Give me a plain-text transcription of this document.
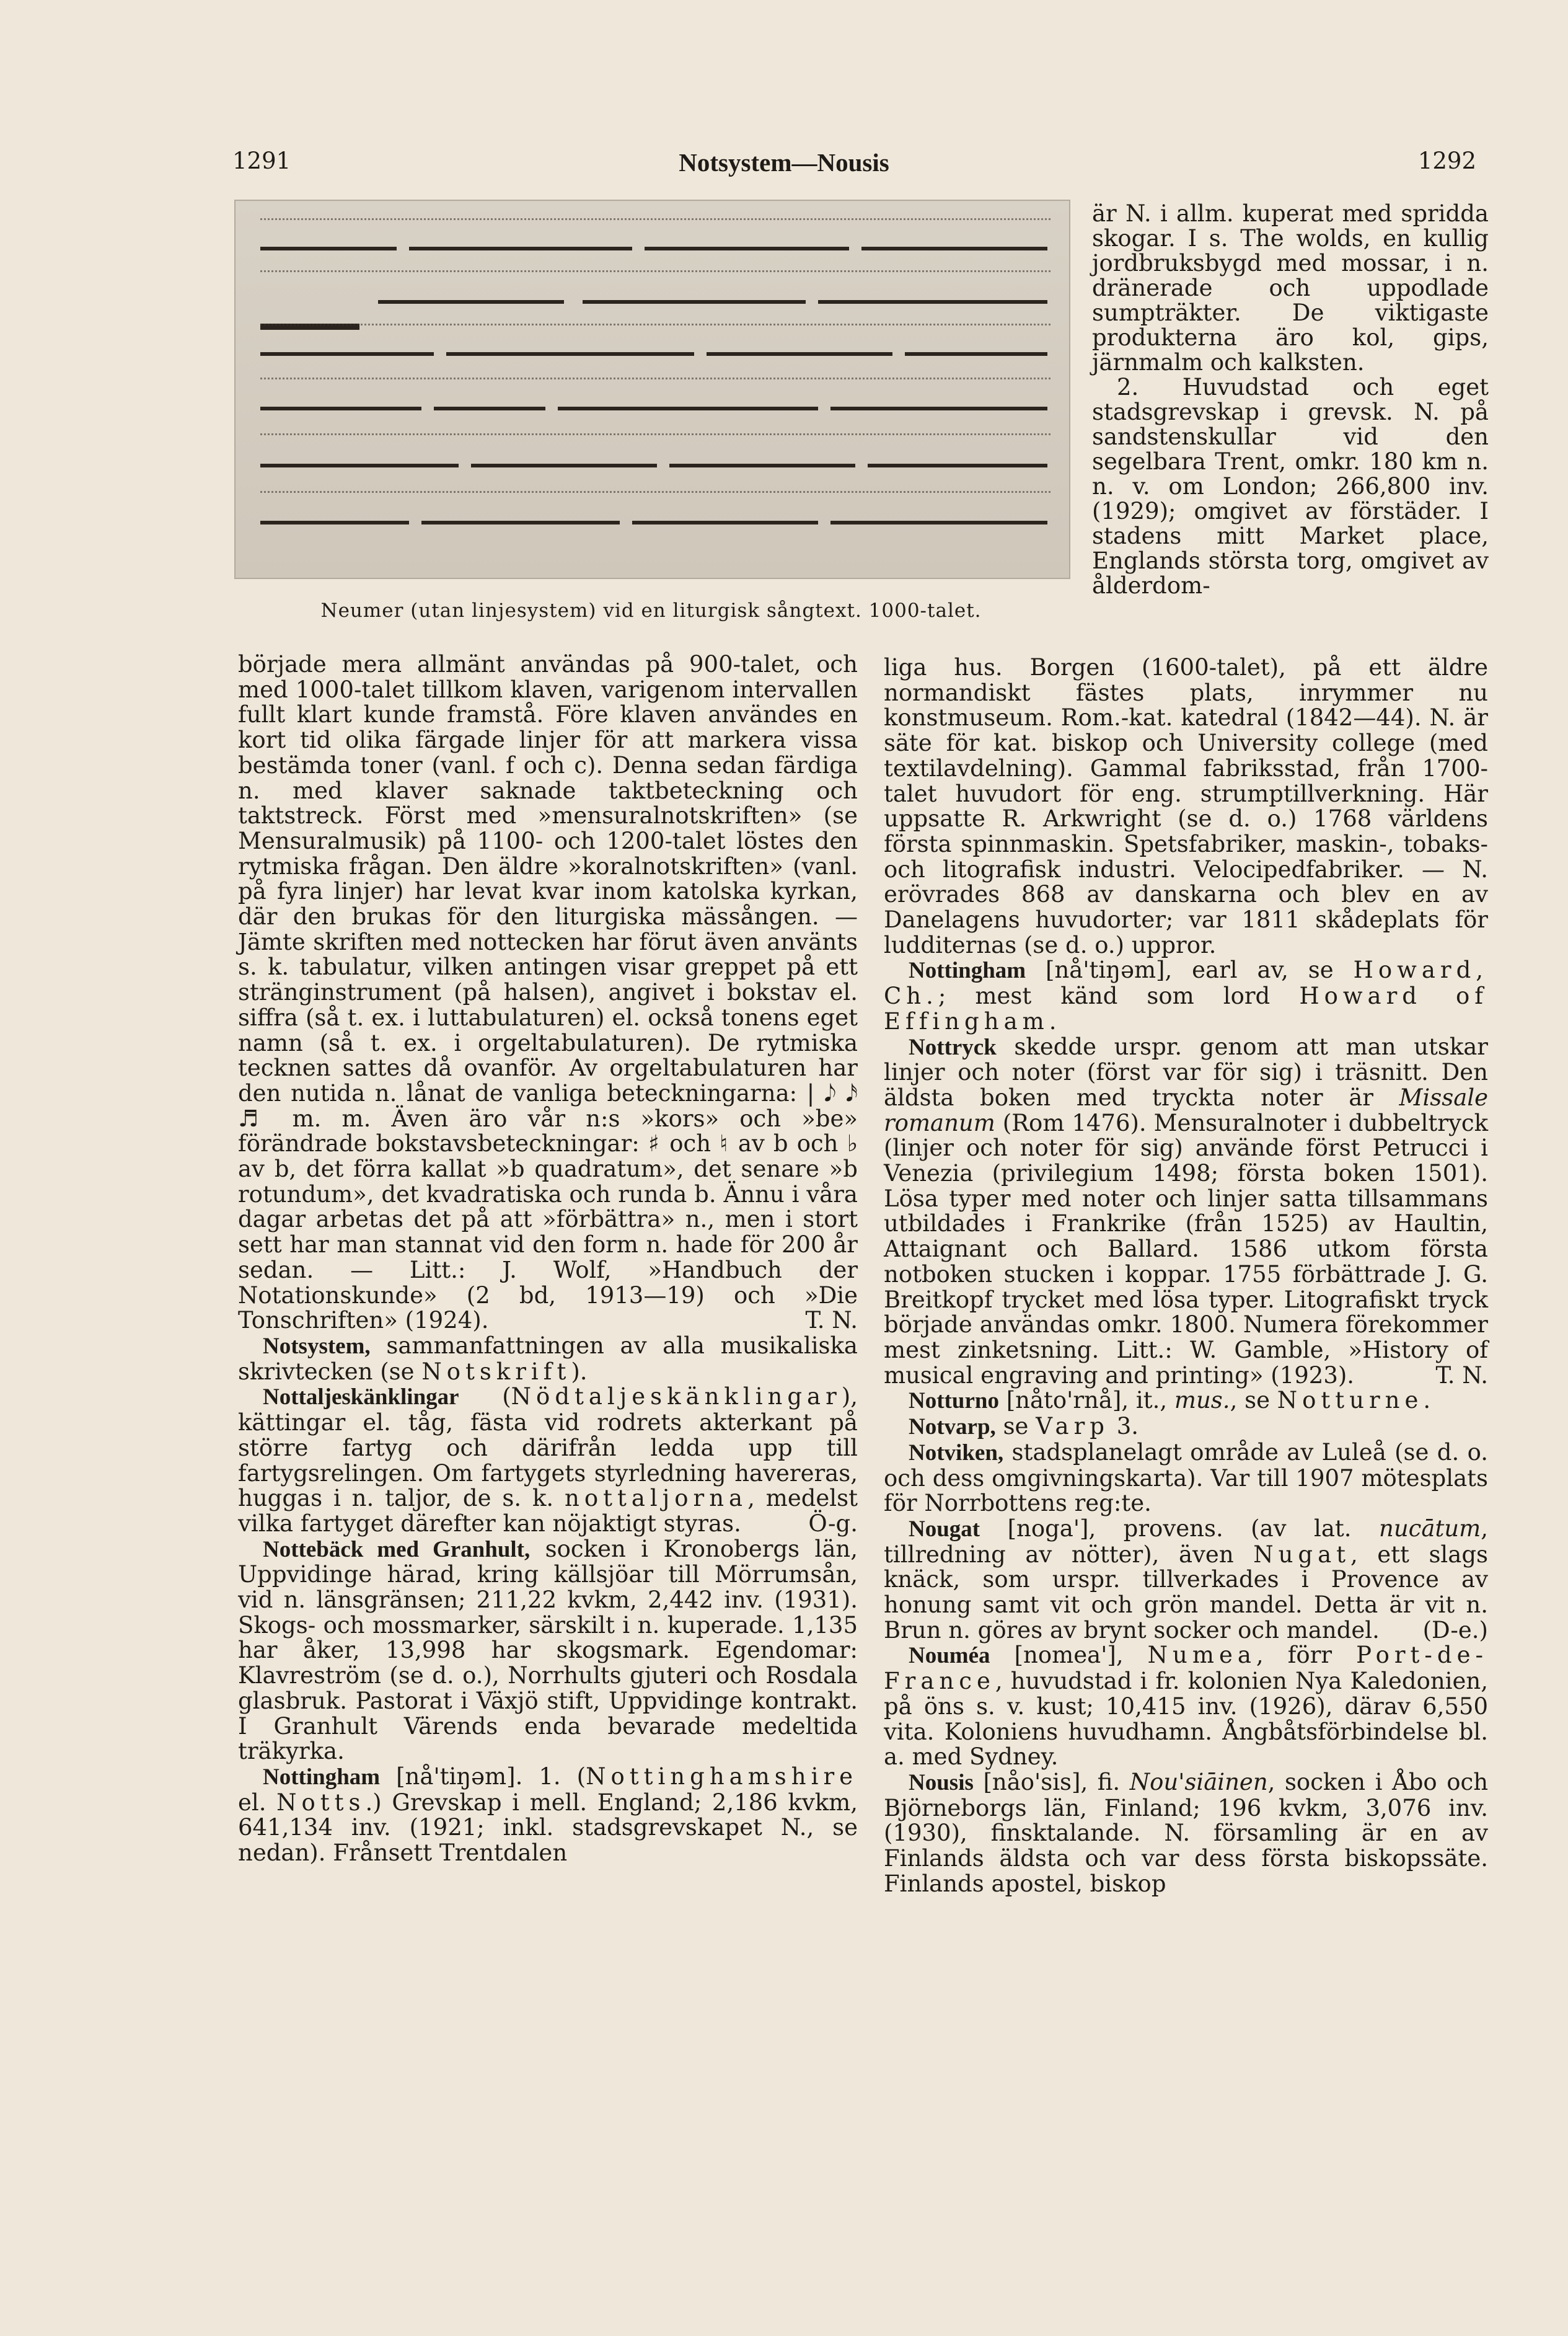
1291	Notsystem—Nousis	1292
Neumer (utan linjesystem) vid en liturgisk sångtext. 1000-talet.

är N. i allm. kuperat med spridda skogar. I s. The wolds, en kullig jordbruksbygd med mossar, i n. dränerade och uppodlade sumpträkter. De viktigaste produkterna äro kol, gips, järnmalm och kalksten.

2. Huvudstad och eget stadsgrevskap i grevsk. N. på sandstenskullar vid den segelbara Trent, omkr. 180 km n. n. v. om London; 266,800 inv. (1929); omgivet av förstäder. I stadens mitt Market place, Englands största torg, omgivet av ålderdom-

började mera allmänt användas på 900-talet, och med 1000-talet tillkom klaven, varigenom intervallen fullt klart kunde framstå. Före klaven användes en kort tid olika färgade linjer för att markera vissa bestämda toner (vanl. f och c). Denna sedan färdiga n. med klaver saknade taktbeteckning och taktstreck. Först med »mensuralnotskriften» (se Mensuralmusik) på 1100- och 1200-talet löstes den rytmiska frågan. Den äldre »koralnotskriften» (vanl. på fyra linjer) har levat kvar inom katolska kyrkan, där den brukas för den liturgiska mässången. — Jämte skriften med nottecken har förut även använts s. k. tabulatur, vilken antingen visar greppet på ett stränginstrument (på halsen), angivet i bokstav el. siffra (så t. ex. i luttabulaturen) el. också tonens eget namn (så t. ex. i orgeltabulaturen). De rytmiska tecknen sattes då ovanför. Av orgeltabulaturen har den nutida n. lånat de vanliga beteckningarna: | 𝅘𝅥𝅮 𝅘𝅥𝅯 ♬ m. m. Även äro vår n:s »kors» och »be» förändrade bokstavsbeteckningar: ♯ och ♮ av b och ♭ av b, det förra kallat »b quadratum», det senare »b rotundum», det kvadratiska och runda b. Ännu i våra dagar arbetas det på att »förbättra» n., men i stort sett har man stannat vid den form n. hade för 200 år sedan. — Litt.: J. Wolf, »Handbuch der Notationskunde» (2 bd, 1913—19) och »Die Tonschriften» (1924).	T. N.

Notsystem, sammanfattningen av alla musikaliska skrivtecken (se Notskrift).

Nottaljeskänklingar (Nödtaljeskänklingar), kättingar el. tåg, fästa vid rodrets akterkant på större fartyg och därifrån ledda upp till fartygsrelingen. Om fartygets styrledning havereras, huggas i n. taljor, de s. k. nottaljorna, medelst vilka fartyget därefter kan nöjaktigt styras.	Ö-g.

Nottebäck med Granhult, socken i Kronobergs län, Uppvidinge härad, kring källsjöar till Mörrumsån, vid n. länsgränsen; 211,22 kvkm, 2,442 inv. (1931). Skogs- och mossmarker, särskilt i n. kuperade. 1,135 har åker, 13,998 har skogsmark. Egendomar: Klavreström (se d. o.), Norrhults gjuteri och Rosdala glasbruk. Pastorat i Växjö stift, Uppvidinge kontrakt. I Granhult Värends enda bevarade medeltida träkyrka.

Nottingham [nå'tiŋəm]. 1. (Nottinghamshire el. Notts.) Grevskap i mell. England; 2,186 kvkm, 641,134 inv. (1921; inkl. stadsgrevskapet N., se nedan). Frånsett Trentdalen

liga hus. Borgen (1600-talet), på ett äldre normandiskt fästes plats, inrymmer nu konstmuseum. Rom.-kat. katedral (1842—44). N. är säte för kat. biskop och University college (med textilavdelning). Gammal fabriksstad, från 1700-talet huvudort för eng. strumptillverkning. Här uppsatte R. Arkwright (se d. o.) 1768 världens första spinnmaskin. Spetsfabriker, maskin-, tobaks- och litografisk industri. Velocipedfabriker. — N. erövrades 868 av danskarna och blev en av Danelagens huvudorter; var 1811 skådeplats för ludditernas (se d. o.) uppror.

Nottingham [nå'tiŋəm], earl av, se Howard, Ch.; mest känd som lord Howard of Effingham.

Nottryck skedde urspr. genom att man utskar linjer och noter (först var för sig) i träsnitt. Den äldsta boken med tryckta noter är Missale romanum (Rom 1476). Mensuralnoter i dubbeltryck (linjer och noter för sig) använde först Petrucci i Venezia (privilegium 1498; första boken 1501). Lösa typer med noter och linjer satta tillsammans utbildades i Frankrike (från 1525) av Haultin, Attaignant och Ballard. 1586 utkom första notboken stucken i koppar. 1755 förbättrade J. G. Breitkopf trycket med lösa typer. Litografiskt tryck började användas omkr. 1800. Numera förekommer mest zinketsning. Litt.: W. Gamble, »History of musical engraving and printing» (1923).	T. N.

Notturno [nåto'rnå], it., mus., se Notturne.

Notvarp, se Varp 3.

Notviken, stadsplanelagt område av Luleå (se d. o. och dess omgivningskarta). Var till 1907 mötesplats för Norrbottens reg:te.

Nougat [noga'], provens. (av lat. nucātum, tillredning av nötter), även Nugat, ett slags knäck, som urspr. tillverkades i Provence av honung samt vit och grön mandel. Detta är vit n. Brun n. göres av brynt socker och mandel.	(D-e.)

Nouméa [nomea'], Numea, förr Port-de-France, huvudstad i fr. kolonien Nya Kaledonien, på öns s. v. kust; 10,415 inv. (1926), därav 6,550 vita. Koloniens huvudhamn. Ångbåtsförbindelse bl. a. med Sydney.

Nousis [nåo'sis], fi. Nou'siāinen, socken i Åbo och Björneborgs län, Finland; 196 kvkm, 3,076 inv. (1930), finsktalande. N. församling är en av Finlands äldsta och var dess första biskopssäte. Finlands apostel, biskop
